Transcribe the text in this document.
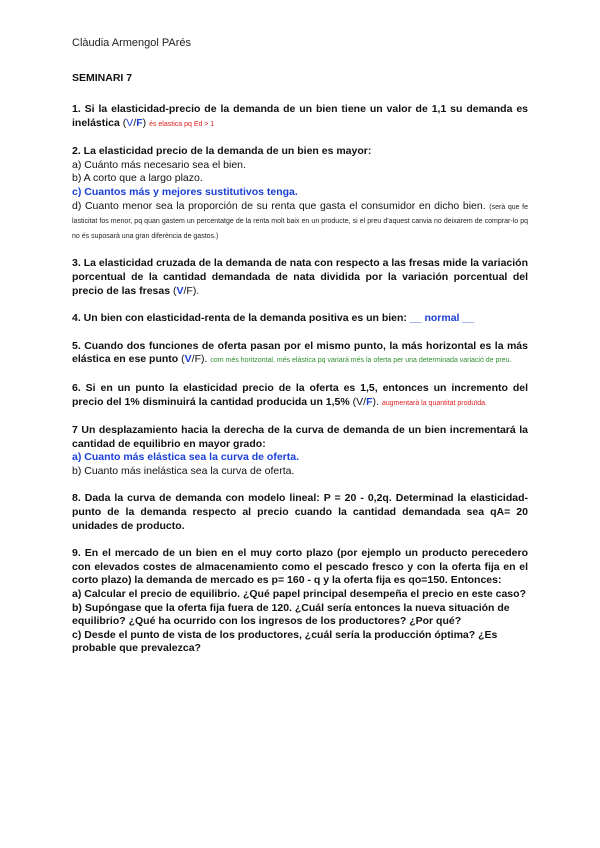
Clàudia Armengol PArés
SEMINARI 7
1. Si la elasticidad-precio de la demanda de un bien tiene un valor de 1,1 su demanda es inelástica (V/F) és elastica pq Ed > 1
2. La elasticidad precio de la demanda de un bien es mayor:
a) Cuánto más necesario sea el bien.
b) A corto que a largo plazo.
c) Cuantos más y mejores sustitutivos tenga.
d) Cuanto menor sea la proporción de su renta que gasta el consumidor en dicho bien. (serà que fe lasticitat fos menor, pq quan gastem un percentatge de la renta molt baix en un producte, si el preu d'aquest canvia no deixarem de comprar-lo pq no és suposarà una gran diferència de gastos.)
3. La elasticidad cruzada de la demanda de nata con respecto a las fresas mide la variación porcentual de la cantidad demandada de nata dividida por la variación porcentual del precio de las fresas (V/F).
4. Un bien con elasticidad-renta de la demanda positiva es un bien: __ normal __
5. Cuando dos funciones de oferta pasan por el mismo punto, la más horizontal es la más elástica en ese punto (V/F). com més horitzontal, més elàstica pq variarà més la oferta per una determinada variació de preu.
6. Si en un punto la elasticidad precio de la oferta es 1,5, entonces un incremento del precio del 1% disminuirá la cantidad producida un 1,5% (V/F). augmentarà la quantitat produïda.
7 Un desplazamiento hacia la derecha de la curva de demanda de un bien incrementará la cantidad de equilibrio en mayor grado:
a) Cuanto más elástica sea la curva de oferta.
b) Cuanto más inelástica sea la curva de oferta.
8. Dada la curva de demanda con modelo lineal: P = 20 - 0,2q. Determinad la elasticidad-punto de la demanda respecto al precio cuando la cantidad demandada sea qA= 20 unidades de producto.
9. En el mercado de un bien en el muy corto plazo (por ejemplo un producto perecedero con elevados costes de almacenamiento como el pescado fresco y con la oferta fija en el corto plazo) la demanda de mercado es p= 160 - q y la oferta fija es qo=150. Entonces:
a) Calcular el precio de equilibrio. ¿Qué papel principal desempeña el precio en este caso?
b) Supóngase que la oferta fija fuera de 120. ¿Cuál sería entonces la nueva situación de equilibrio? ¿Qué ha ocurrido con los ingresos de los productores? ¿Por qué?
c) Desde el punto de vista de los productores, ¿cuál sería la producción óptima? ¿Es probable que prevalezca?
